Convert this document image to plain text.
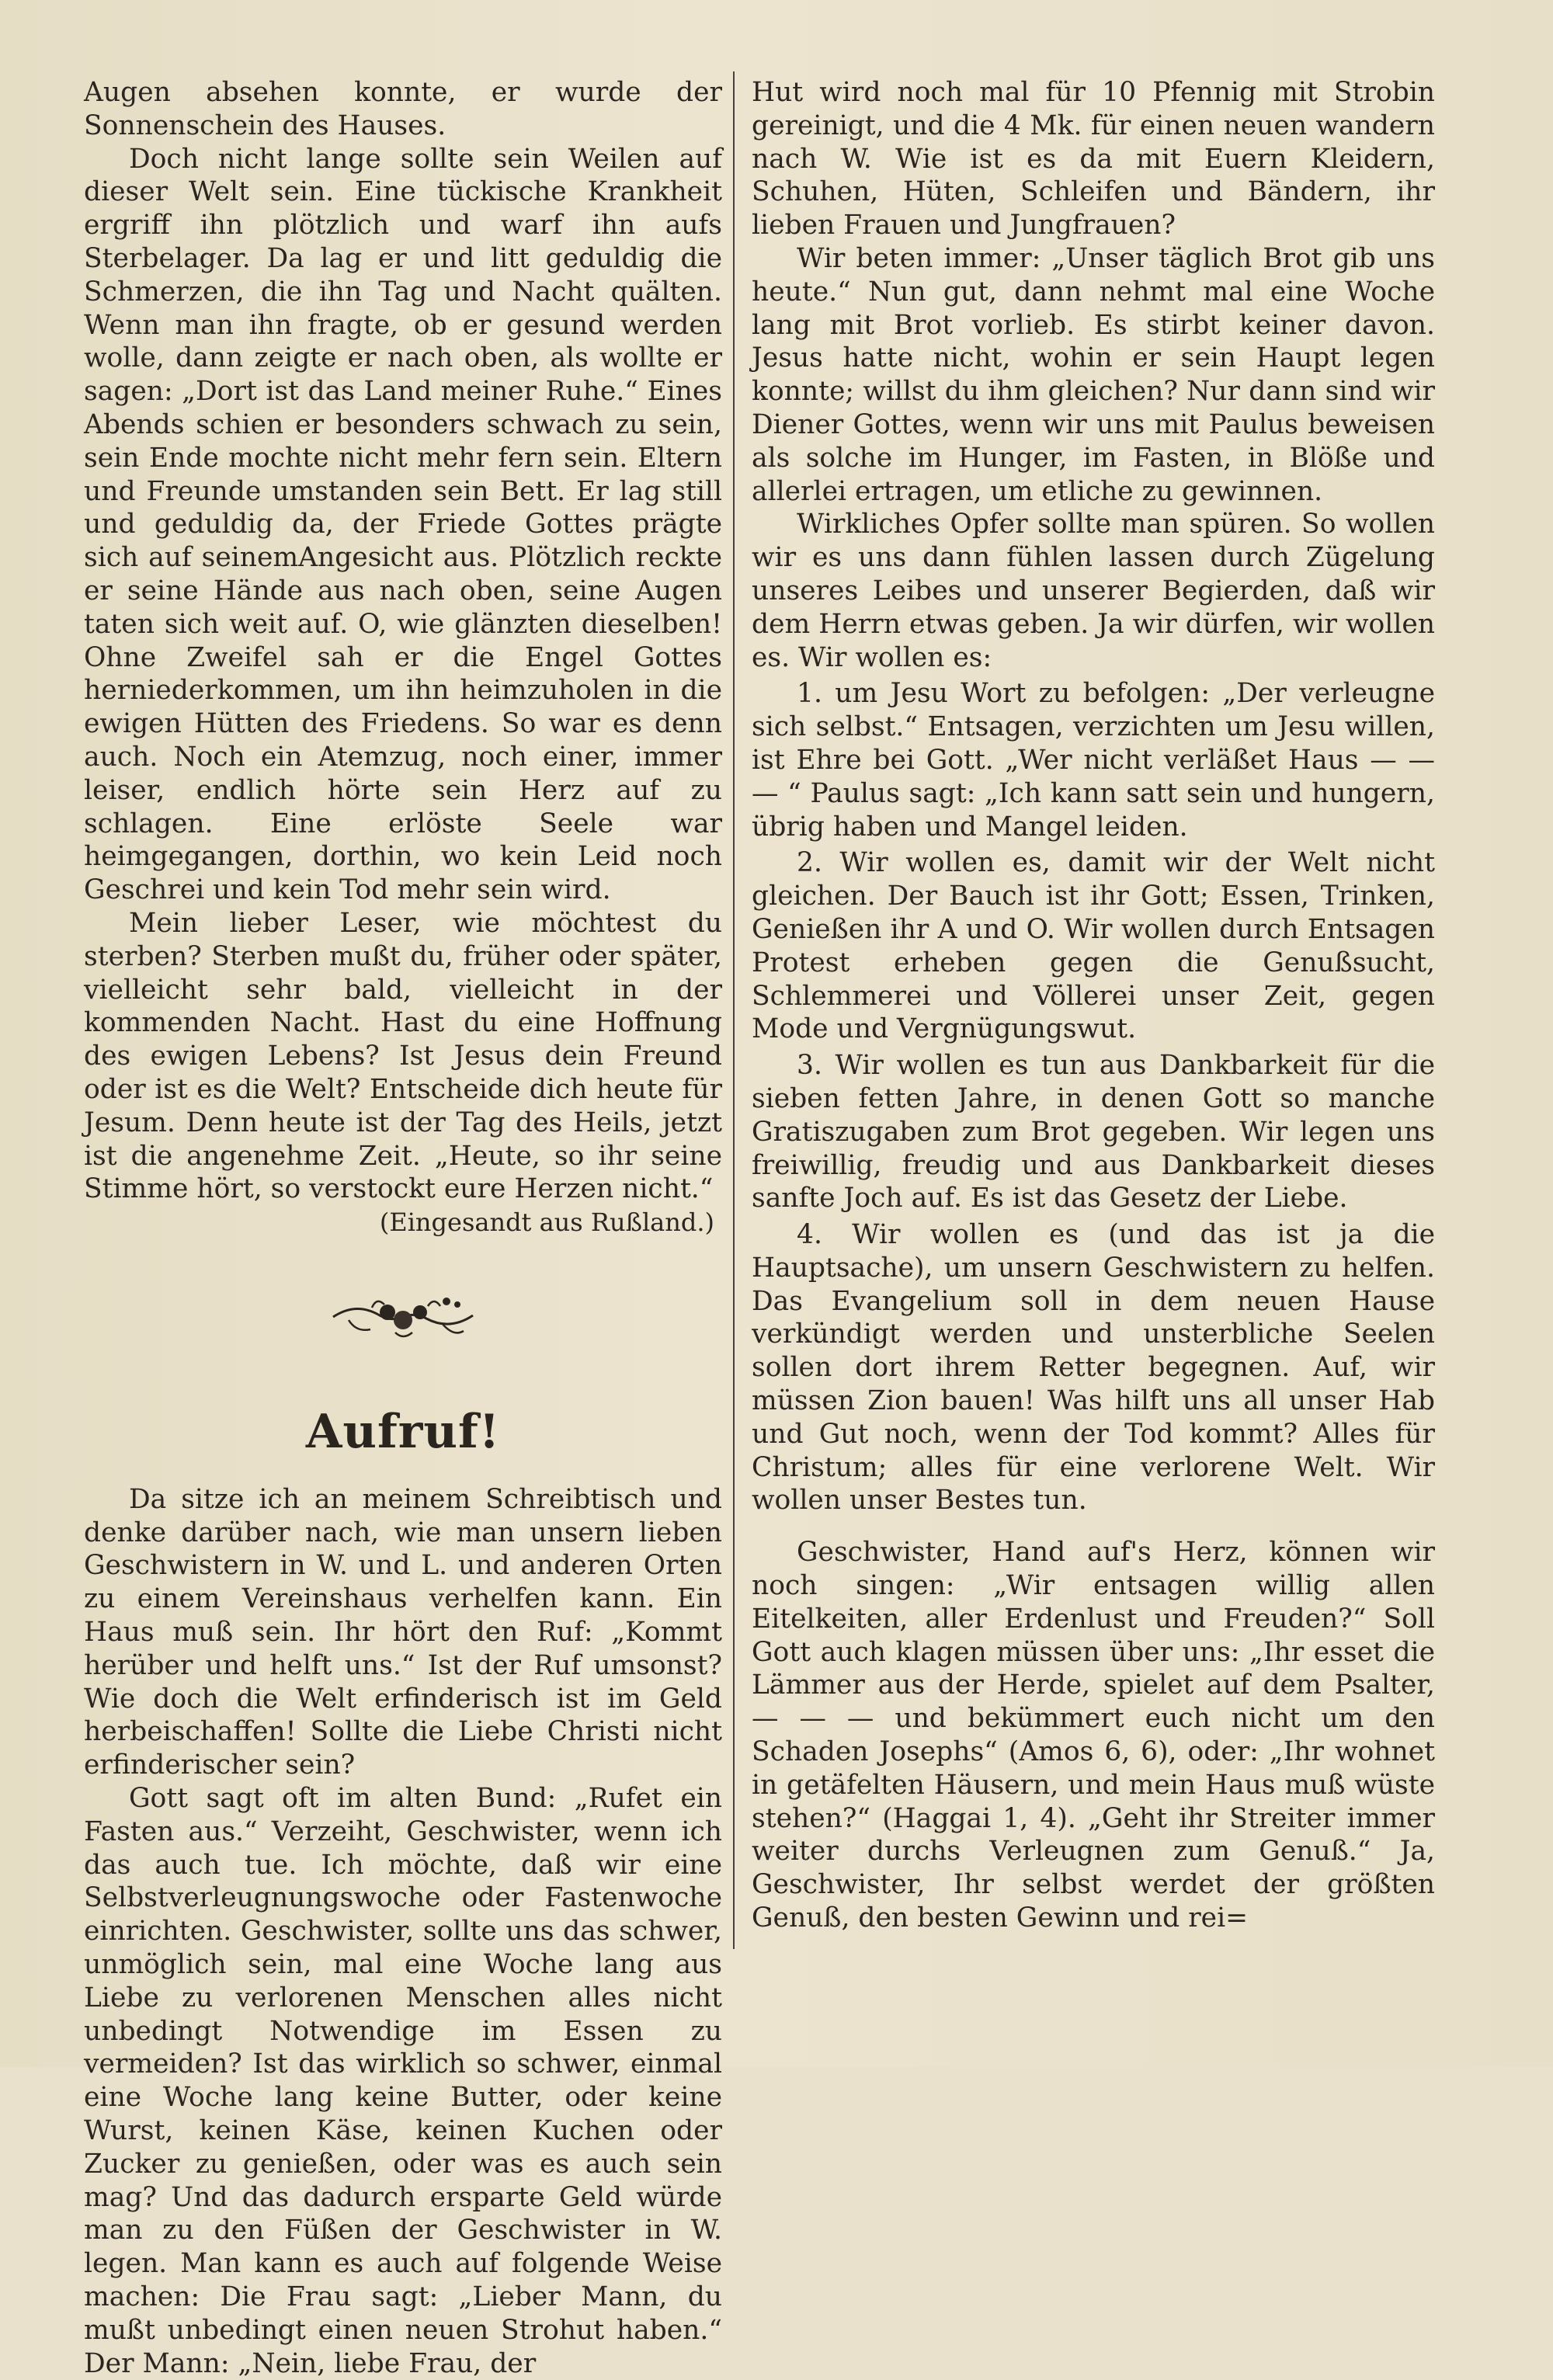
Augen absehen konnte, er wurde der Sonnenschein des Hauses.

Doch nicht lange sollte sein Weilen auf dieser Welt sein. Eine tückische Krankheit ergriff ihn plötzlich und warf ihn aufs Sterbelager. Da lag er und litt geduldig die Schmerzen, die ihn Tag und Nacht quälten. Wenn man ihn fragte, ob er gesund werden wolle, dann zeigte er nach oben, als wollte er sagen: „Dort ist das Land meiner Ruhe.“ Eines Abends schien er besonders schwach zu sein, sein Ende mochte nicht mehr fern sein. Eltern und Freunde umstanden sein Bett. Er lag still und geduldig da, der Friede Gottes prägte sich auf seinemAngesicht aus. Plötzlich reckte er seine Hände aus nach oben, seine Augen taten sich weit auf. O, wie glänzten dieselben! Ohne Zweifel sah er die Engel Gottes herniederkommen, um ihn heimzuholen in die ewigen Hütten des Friedens. So war es denn auch. Noch ein Atemzug, noch einer, immer leiser, endlich hörte sein Herz auf zu schlagen. Eine erlöste Seele war heimgegangen, dorthin, wo kein Leid noch Geschrei und kein Tod mehr sein wird.

Mein lieber Leser, wie möchtest du sterben? Sterben mußt du, früher oder später, vielleicht sehr bald, vielleicht in der kommenden Nacht. Hast du eine Hoffnung des ewigen Lebens? Ist Jesus dein Freund oder ist es die Welt? Entscheide dich heute für Jesum. Denn heute ist der Tag des Heils, jetzt ist die angenehme Zeit. „Heute, so ihr seine Stimme hört, so verstockt eure Herzen nicht.“

(Eingesandt aus Rußland.)

Aufruf!

Da sitze ich an meinem Schreibtisch und denke darüber nach, wie man unsern lieben Geschwistern in W. und L. und anderen Orten zu einem Vereinshaus verhelfen kann. Ein Haus muß sein. Ihr hört den Ruf: „Kommt herüber und helft uns.“ Ist der Ruf umsonst? Wie doch die Welt erfinderisch ist im Geld herbeischaffen! Sollte die Liebe Christi nicht erfinderischer sein?

Gott sagt oft im alten Bund: „Rufet ein Fasten aus.“ Verzeiht, Geschwister, wenn ich das auch tue. Ich möchte, daß wir eine Selbstverleugnungswoche oder Fastenwoche einrichten. Geschwister, sollte uns das schwer, unmöglich sein, mal eine Woche lang aus Liebe zu verlorenen Menschen alles nicht unbedingt Notwendige im Essen zu vermeiden? Ist das wirklich so schwer, einmal eine Woche lang keine Butter, oder keine Wurst, keinen Käse, keinen Kuchen oder Zucker zu genießen, oder was es auch sein mag? Und das dadurch ersparte Geld würde man zu den Füßen der Geschwister in W. legen. Man kann es auch auf folgende Weise machen: Die Frau sagt: „Lieber Mann, du mußt unbedingt einen neuen Strohut haben.“ Der Mann: „Nein, liebe Frau, der

Hut wird noch mal für 10 Pfennig mit Strobin gereinigt, und die 4 Mk. für einen neuen wandern nach W. Wie ist es da mit Euern Kleidern, Schuhen, Hüten, Schleifen und Bändern, ihr lieben Frauen und Jungfrauen?

Wir beten immer: „Unser täglich Brot gib uns heute.“ Nun gut, dann nehmt mal eine Woche lang mit Brot vorlieb. Es stirbt keiner davon. Jesus hatte nicht, wohin er sein Haupt legen konnte; willst du ihm gleichen? Nur dann sind wir Diener Gottes, wenn wir uns mit Paulus beweisen als solche im Hunger, im Fasten, in Blöße und allerlei ertragen, um etliche zu gewinnen.

Wirkliches Opfer sollte man spüren. So wollen wir es uns dann fühlen lassen durch Zügelung unseres Leibes und unserer Begierden, daß wir dem Herrn etwas geben. Ja wir dürfen, wir wollen es. Wir wollen es:

1. um Jesu Wort zu befolgen: „Der verleugne sich selbst.“ Entsagen, verzichten um Jesu willen, ist Ehre bei Gott. „Wer nicht verläßet Haus — — — “ Paulus sagt: „Ich kann satt sein und hungern, übrig haben und Mangel leiden.

2. Wir wollen es, damit wir der Welt nicht gleichen. Der Bauch ist ihr Gott; Essen, Trinken, Genießen ihr A und O. Wir wollen durch Entsagen Protest erheben gegen die Genußsucht, Schlemmerei und Völlerei unser Zeit, gegen Mode und Vergnügungswut.

3. Wir wollen es tun aus Dankbarkeit für die sieben fetten Jahre, in denen Gott so manche Gratiszugaben zum Brot gegeben. Wir legen uns freiwillig, freudig und aus Dankbarkeit dieses sanfte Joch auf. Es ist das Gesetz der Liebe.

4. Wir wollen es (und das ist ja die Hauptsache), um unsern Geschwistern zu helfen. Das Evangelium soll in dem neuen Hause verkündigt werden und unsterbliche Seelen sollen dort ihrem Retter begegnen. Auf, wir müssen Zion bauen! Was hilft uns all unser Hab und Gut noch, wenn der Tod kommt? Alles für Christum; alles für eine verlorene Welt. Wir wollen unser Bestes tun.

Geschwister, Hand auf's Herz, können wir noch singen: „Wir entsagen willig allen Eitelkeiten, aller Erdenlust und Freuden?“ Soll Gott auch klagen müssen über uns: „Ihr esset die Lämmer aus der Herde, spielet auf dem Psalter, — — — und bekümmert euch nicht um den Schaden Josephs“ (Amos 6, 6), oder: „Ihr wohnet in getäfelten Häusern, und mein Haus muß wüste stehen?“ (Haggai 1, 4). „Geht ihr Streiter immer weiter durchs Verleugnen zum Genuß.“ Ja, Geschwister, Ihr selbst werdet der größten Genuß, den besten Gewinn und rei=
